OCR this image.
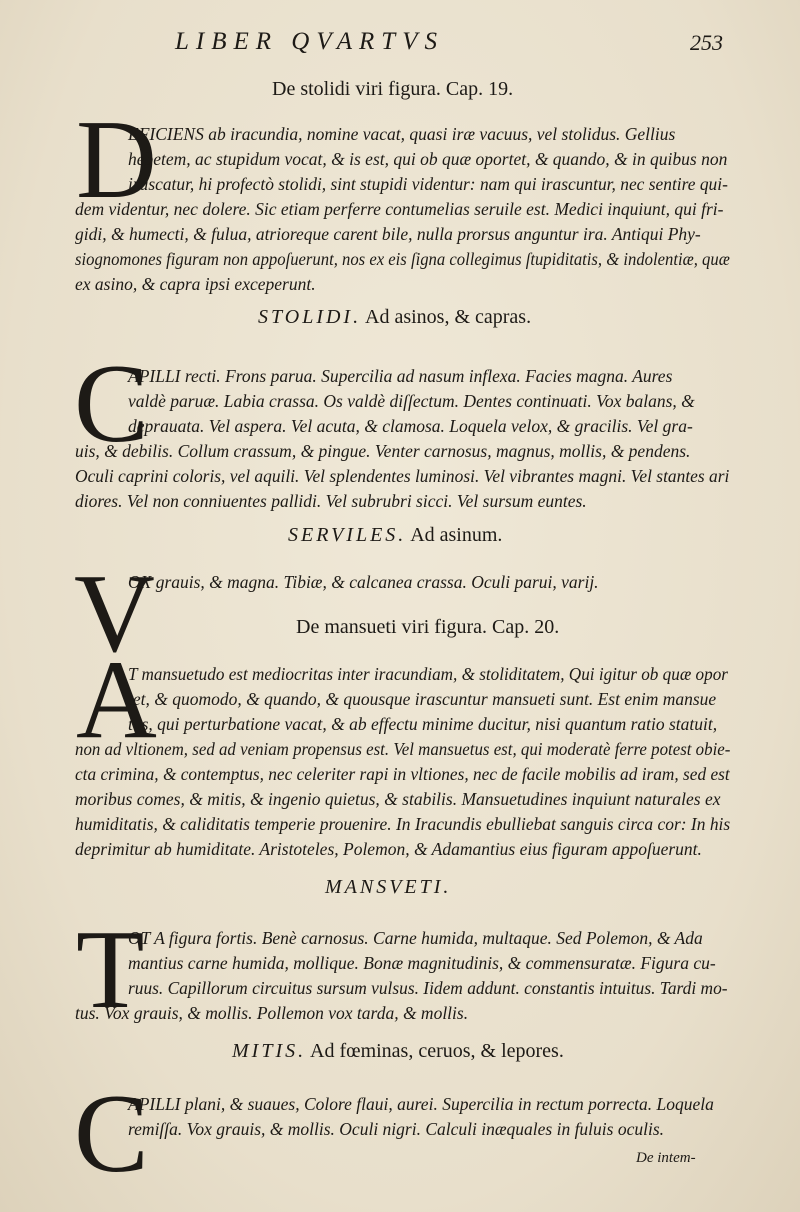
LIBER QVARTVS	253
De stolidi viri figura. Cap. 19.
D
EFICIENS ab iracundia, nomine vacat, quasi iræ vacuus, vel stolidus. Gellius
hebetem, ac stupidum vocat, & is est, qui ob quæ oportet, & quando, & in quibus non
irascatur, hi profectò stolidi, sint stupidi videntur: nam qui irascuntur, nec sentire qui-
dem videntur, nec dolere. Sic etiam perferre contumelias seruile est. Medici inquiunt, qui fri-
gidi, & humecti, & fulua, atrioreque carent bile, nulla prorsus anguntur ira. Antiqui Phy-
siognomones figuram non appoſuerunt, nos ex eis ſigna collegimus ſtupiditatis, & indolentiæ, quæ
ex asino, & capra ipsi exceperunt.
STOLIDI. Ad asinos, & capras.
C
APILLI recti. Frons parua. Supercilia ad nasum inflexa. Facies magna. Aures
valdè paruæ. Labia crassa. Os valdè diſſectum. Dentes continuati. Vox balans, &
deprauata. Vel aspera. Vel acuta, & clamosa. Loquela velox, & gracilis. Vel gra-
uis, & debilis. Collum crassum, & pingue. Venter carnosus, magnus, mollis, & pendens.
Oculi caprini coloris, vel aquili. Vel splendentes luminosi. Vel vibrantes magni. Vel stantes ari
diores. Vel non conniuentes pallidi. Vel subrubri sicci. Vel sursum euntes.
SERVILES. Ad asinum.
V
OX grauis, & magna. Tibiæ, & calcanea crassa. Oculi parui, varij.
De mansueti viri figura. Cap. 20.
A
T mansuetudo est mediocritas inter iracundiam, & stoliditatem, Qui igitur ob quæ opor
tet, & quomodo, & quando, & quousque irascuntur mansueti sunt. Est enim mansue
tus, qui perturbatione vacat, & ab effectu minime ducitur, nisi quantum ratio statuit,
non ad vltionem, sed ad veniam propensus est. Vel mansuetus est, qui moderatè ferre potest obie-
cta crimina, & contemptus, nec celeriter rapi in vltiones, nec de facile mobilis ad iram, sed est
moribus comes, & mitis, & ingenio quietus, & stabilis. Mansuetudines inquiunt naturales ex
humiditatis, & caliditatis temperie prouenire. In Iracundis ebulliebat sanguis circa cor: In his
deprimitur ab humiditate. Aristoteles, Polemon, & Adamantius eius figuram appoſuerunt.
MANSVETI.
T
OT A figura fortis. Benè carnosus. Carne humida, multaque. Sed Polemon, & Ada
mantius carne humida, mollique. Bonæ magnitudinis, & commensuratæ. Figura cu-
ruus. Capillorum circuitus sursum vulsus. Iidem addunt. constantis intuitus. Tardi mo-
tus. Vox grauis, & mollis. Pollemon vox tarda, & mollis.
MITIS. Ad fœminas, ceruos, & lepores.
C
APILLI plani, & suaues, Colore flaui, aurei. Supercilia in rectum porrecta. Loquela
remiſſa. Vox grauis, & mollis. Oculi nigri. Calculi inæquales in fuluis oculis.
De intem-
